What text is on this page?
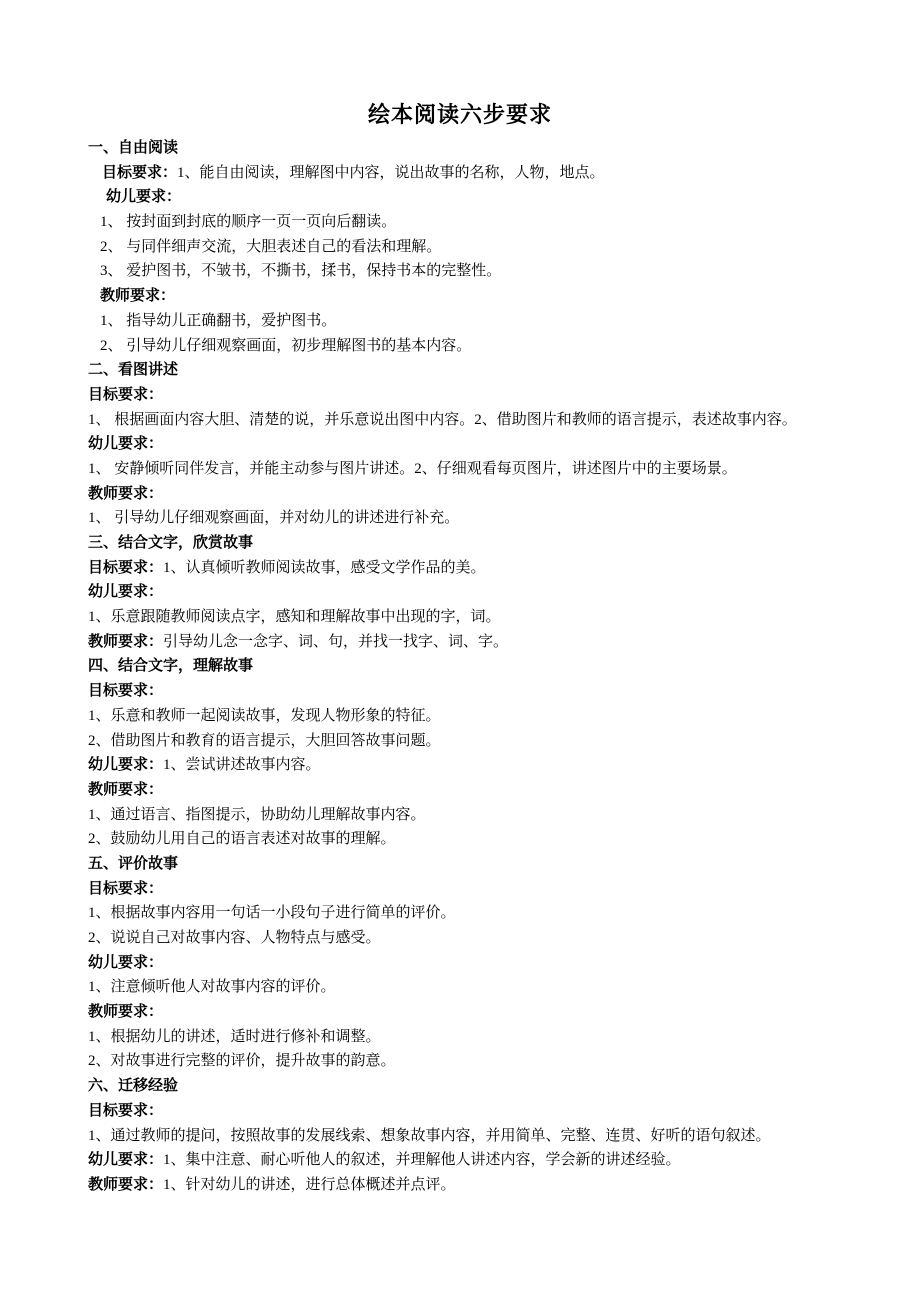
绘本阅读六步要求
一、自由阅读
目标要求：1、能自由阅读，理解图中内容，说出故事的名称，人物，地点。
幼儿要求：
1、 按封面到封底的顺序一页一页向后翻读。
2、 与同伴细声交流，大胆表述自己的看法和理解。
3、 爱护图书，不皱书，不撕书，揉书，保持书本的完整性。
教师要求：
1、 指导幼儿正确翻书，爱护图书。
2、 引导幼儿仔细观察画面，初步理解图书的基本内容。
二、看图讲述
目标要求：
1、 根据画面内容大胆、清楚的说，并乐意说出图中内容。2、借助图片和教师的语言提示，表述故事内容。
幼儿要求：
1、 安静倾听同伴发言，并能主动参与图片讲述。2、仔细观看每页图片，讲述图片中的主要场景。
教师要求：
1、 引导幼儿仔细观察画面，并对幼儿的讲述进行补充。
三、结合文字，欣赏故事
目标要求：1、认真倾听教师阅读故事，感受文学作品的美。
幼儿要求：
1、乐意跟随教师阅读点字，感知和理解故事中出现的字，词。
教师要求：引导幼儿念一念字、词、句，并找一找字、词、字。
四、结合文字，理解故事
目标要求：
1、乐意和教师一起阅读故事，发现人物形象的特征。
2、借助图片和教育的语言提示，大胆回答故事问题。
幼儿要求：1、尝试讲述故事内容。
教师要求：
1、通过语言、指图提示，协助幼儿理解故事内容。
2、鼓励幼儿用自己的语言表述对故事的理解。
五、评价故事
目标要求：
1、根据故事内容用一句话一小段句子进行简单的评价。
2、说说自己对故事内容、人物特点与感受。
幼儿要求：
1、注意倾听他人对故事内容的评价。
教师要求：
1、根据幼儿的讲述，适时进行修补和调整。
2、对故事进行完整的评价，提升故事的韵意。
六、迁移经验
目标要求：
1、通过教师的提问，按照故事的发展线索、想象故事内容，并用简单、完整、连贯、好听的语句叙述。
幼儿要求：1、集中注意、耐心听他人的叙述，并理解他人讲述内容，学会新的讲述经验。
教师要求：1、针对幼儿的讲述，进行总体概述并点评。
